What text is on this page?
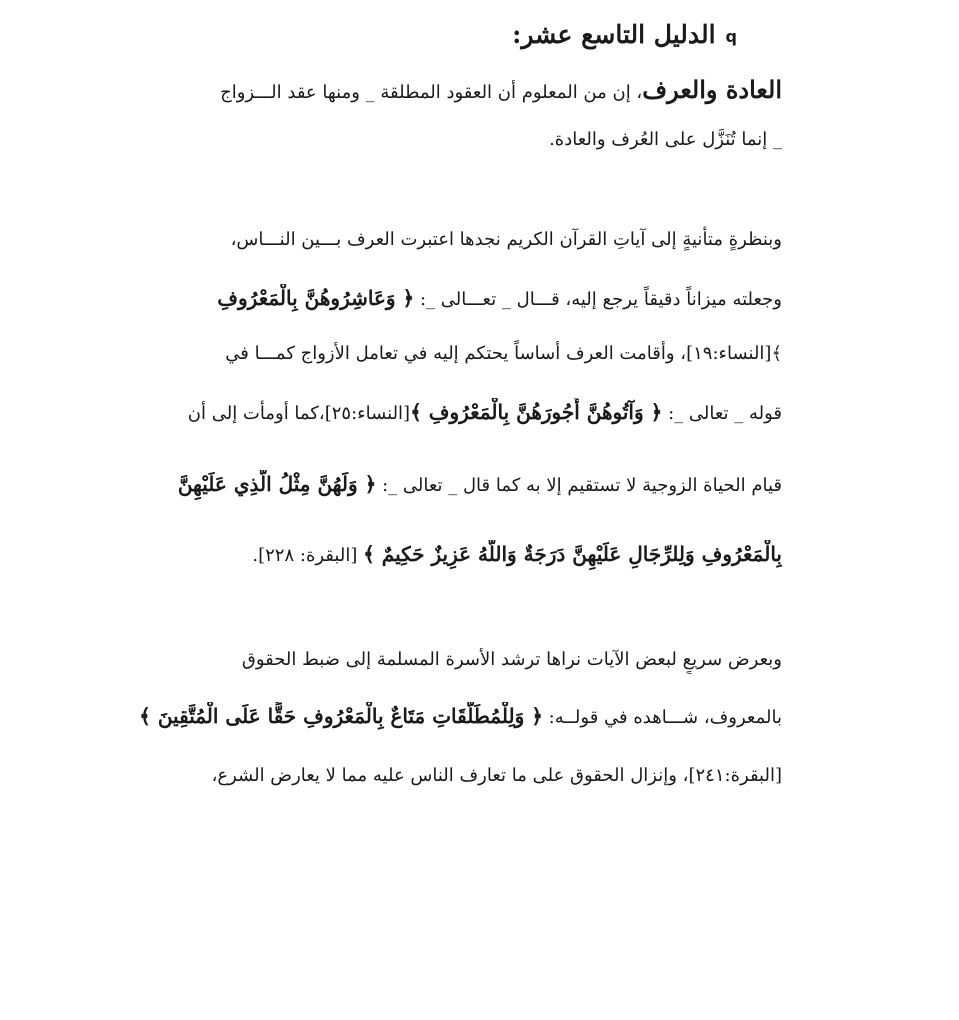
qالدليل التاسع عشر:
العادة والعرف، إن من المعلوم أن العقود المطلقة _ ومنها عقد الـــزواج
_ إنما تُنَزَّل على العُرف والعادة.
وبنظرةٍ متأنيةٍ إلى آياتِ القرآن الكريم نجدها اعتبرت العرف بـــين النـــاس،
وجعلته ميزاناً دقيقاً يرجع إليه، قـــال _ تعـــالى _: ﴿ وَعَاشِرُوهُنَّ بِالْمَعْرُوفِ
﴾[النساء:١٩]، وأقامت العرف أساساً يحتكم إليه في تعامل الأزواج كمـــا في
قوله _ تعالى _: ﴿ وَآتُوهُنَّ أُجُورَهُنَّ بِالْمَعْرُوفِ ﴾[النساء:٢٥]،كما أومأت إلى أن
قيام الحياة الزوجية لا تستقيم إلا به كما قال _ تعالى _: ﴿ وَلَهُنَّ مِثْلُ الَّذِي عَلَيْهِنَّ
بِالْمَعْرُوفِ وَلِلرِّجَالِ عَلَيْهِنَّ دَرَجَةٌ وَاللَّهُ عَزِيزٌ حَكِيمٌ ﴾ [البقرة: ٢٢٨].
وبعرض سريعٍ لبعض الآيات نراها ترشد الأسرة المسلمة إلى ضبط الحقوق
بالمعروف، شـــاهده في قولــه: ﴿ وَلِلْمُطَلَّقَاتِ مَتَاعٌ بِالْمَعْرُوفِ حَقًّا عَلَى الْمُتَّقِينَ ﴾
[البقرة:٢٤١]، وإنزال الحقوق على ما تعارف الناس عليه مما لا يعارض الشرع،
